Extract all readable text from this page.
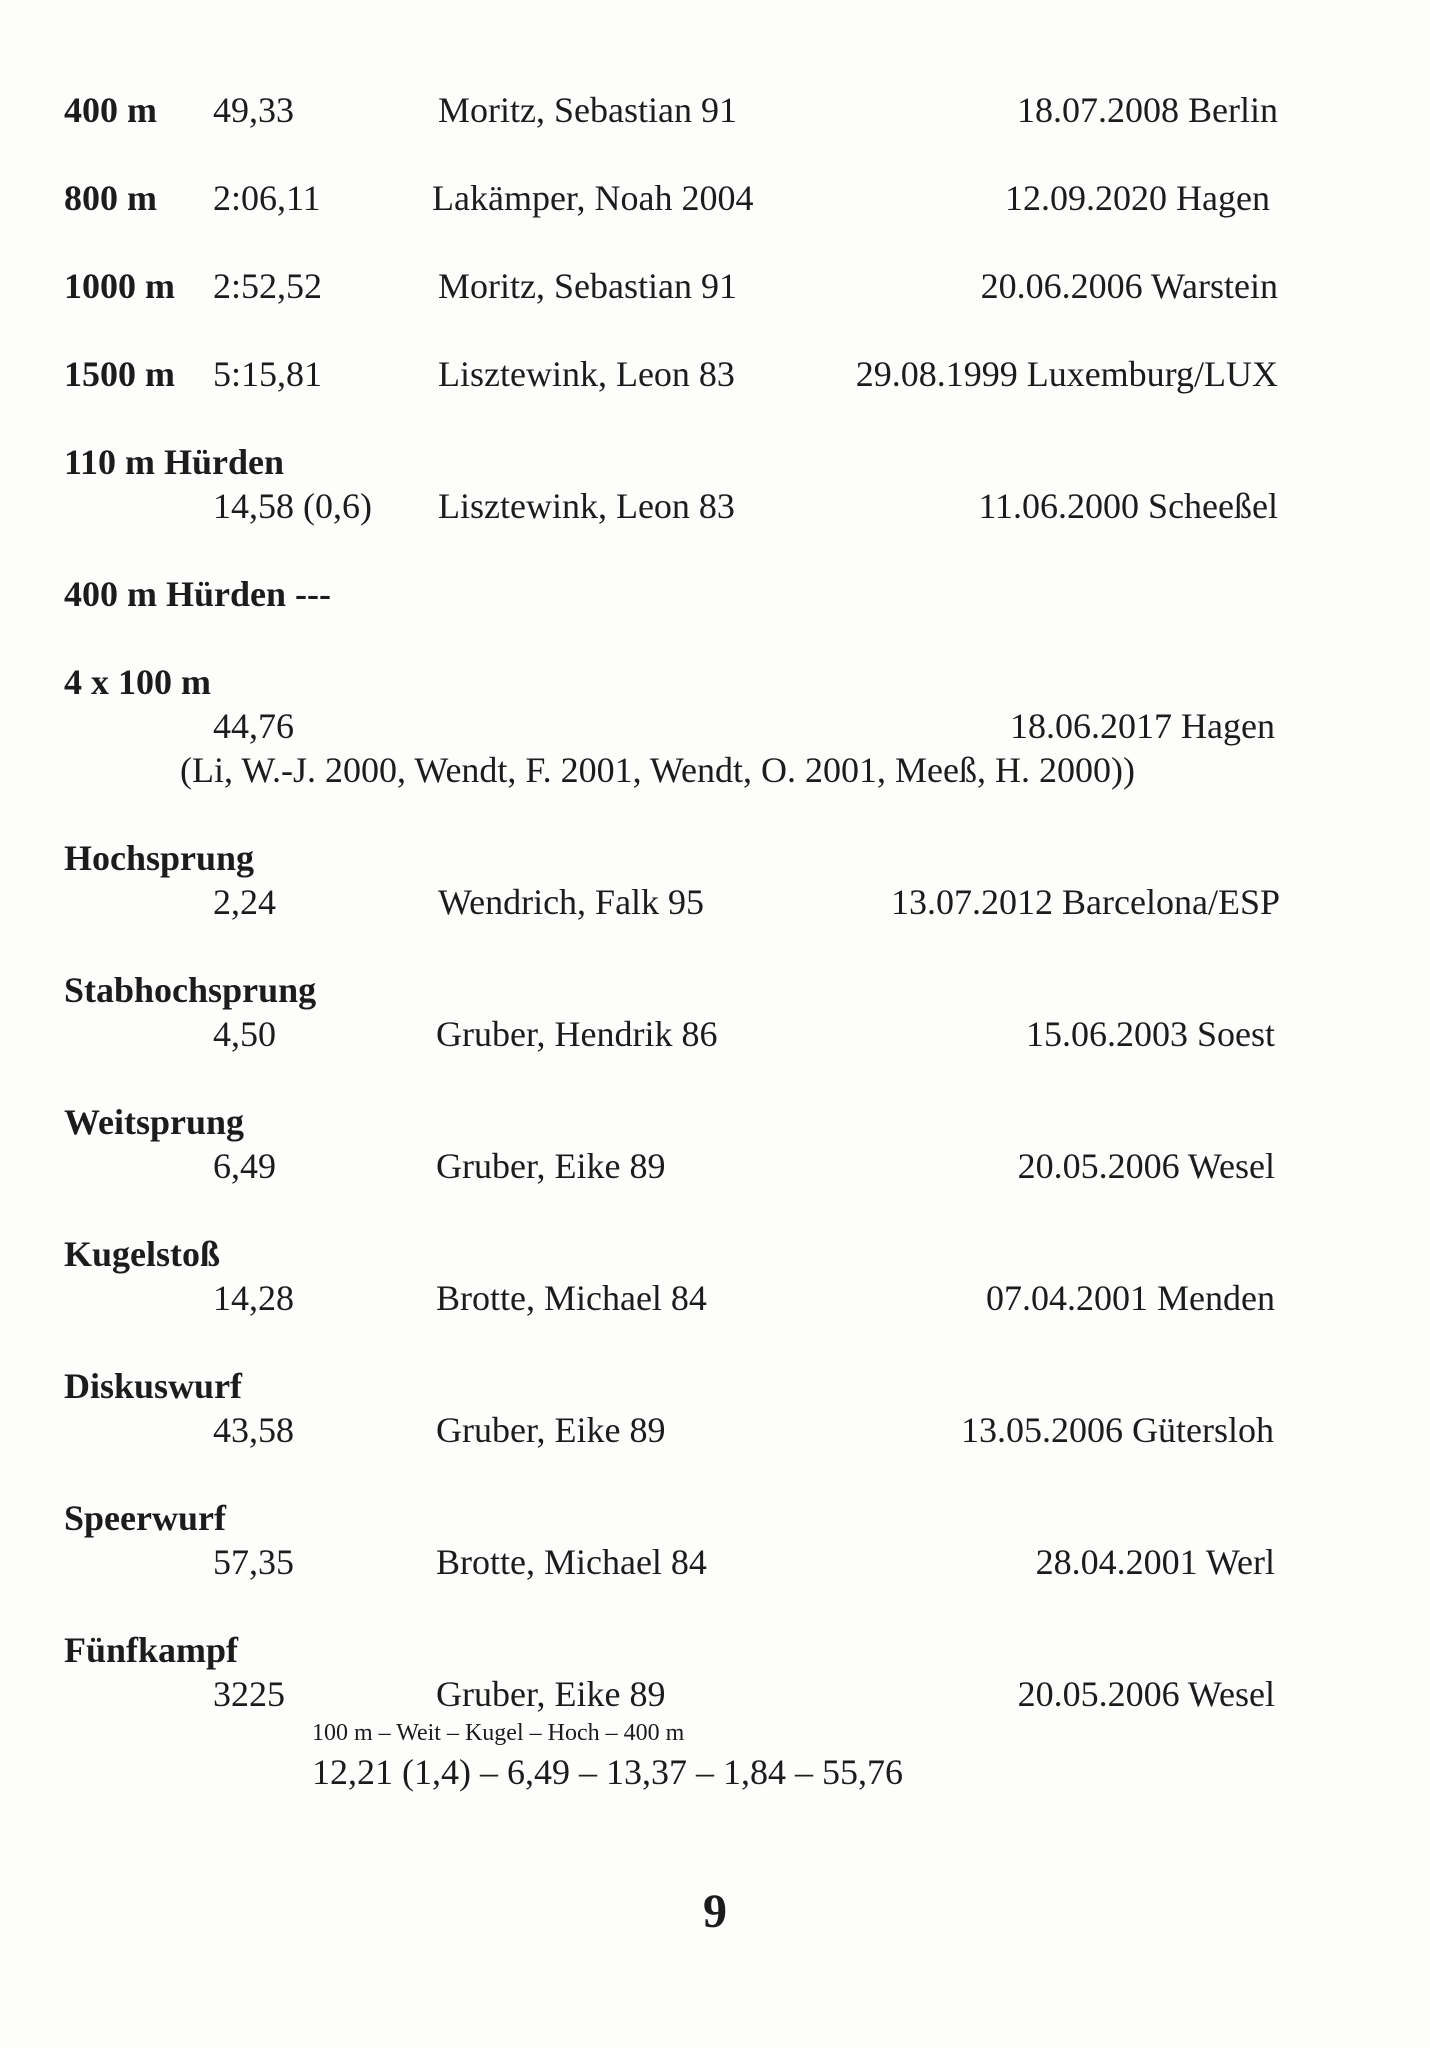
400 m 49,33	Moritz, Sebastian 91	18.07.2008 Berlin
800 m 2:06,11	Lakämper, Noah 2004	12.09.2020 Hagen
1000 m 2:52,52	Moritz, Sebastian 91	20.06.2006 Warstein
1500 m 5:15,81	Lisztewink, Leon 83	29.08.1999 Luxemburg/LUX
110 m Hürden
14,58 (0,6) Lisztewink, Leon 83	11.06.2000 Scheeßel
400 m Hürden ---
4 x 100 m
44,76	18.06.2017 Hagen
(Li, W.-J. 2000, Wendt, F. 2001, Wendt, O. 2001, Meeß, H. 2000))
Hochsprung
2,24	Wendrich, Falk 95	13.07.2012 Barcelona/ESP
Stabhochsprung
4,50	Gruber, Hendrik 86	15.06.2003 Soest
Weitsprung
6,49	Gruber, Eike 89	20.05.2006 Wesel
Kugelstoß
14,28	Brotte, Michael 84	07.04.2001 Menden
Diskuswurf
43,58	Gruber, Eike 89	13.05.2006 Gütersloh
Speerwurf
57,35	Brotte, Michael 84	28.04.2001 Werl
Fünfkampf
3225	Gruber, Eike 89	20.05.2006 Wesel
100 m – Weit – Kugel – Hoch – 400 m
12,21 (1,4) – 6,49 – 13,37 – 1,84 – 55,76
9
